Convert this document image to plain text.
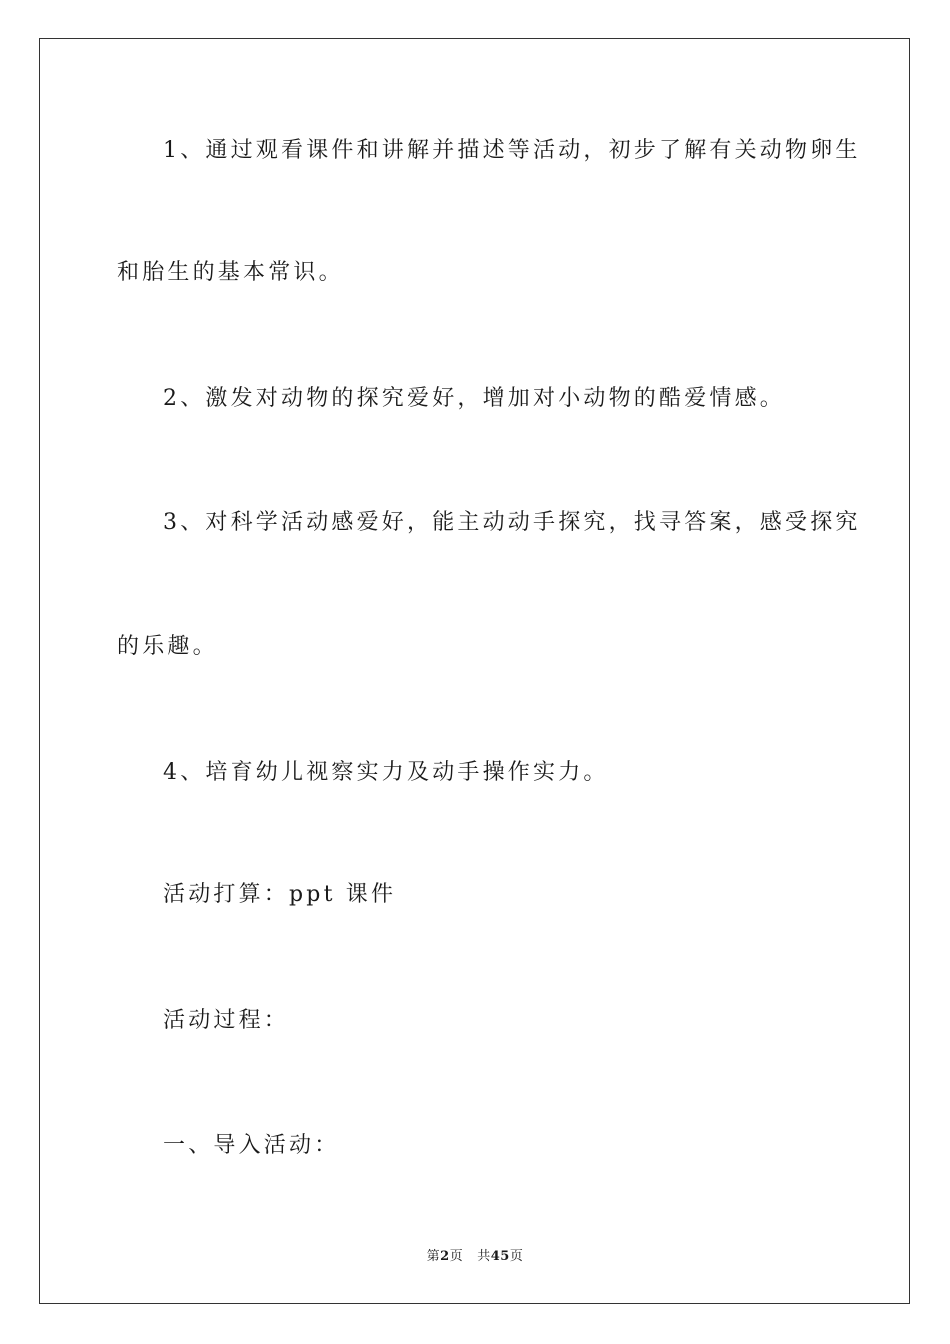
1、通过观看课件和讲解并描述等活动，初步了解有关动物卵生
和胎生的基本常识。
2、激发对动物的探究爱好，增加对小动物的酷爱情感。
3、对科学活动感爱好，能主动动手探究，找寻答案，感受探究
的乐趣。
4、培育幼儿视察实力及动手操作实力。
活动打算：ppt 课件
活动过程：
一、导入活动：
第2页 共45页
